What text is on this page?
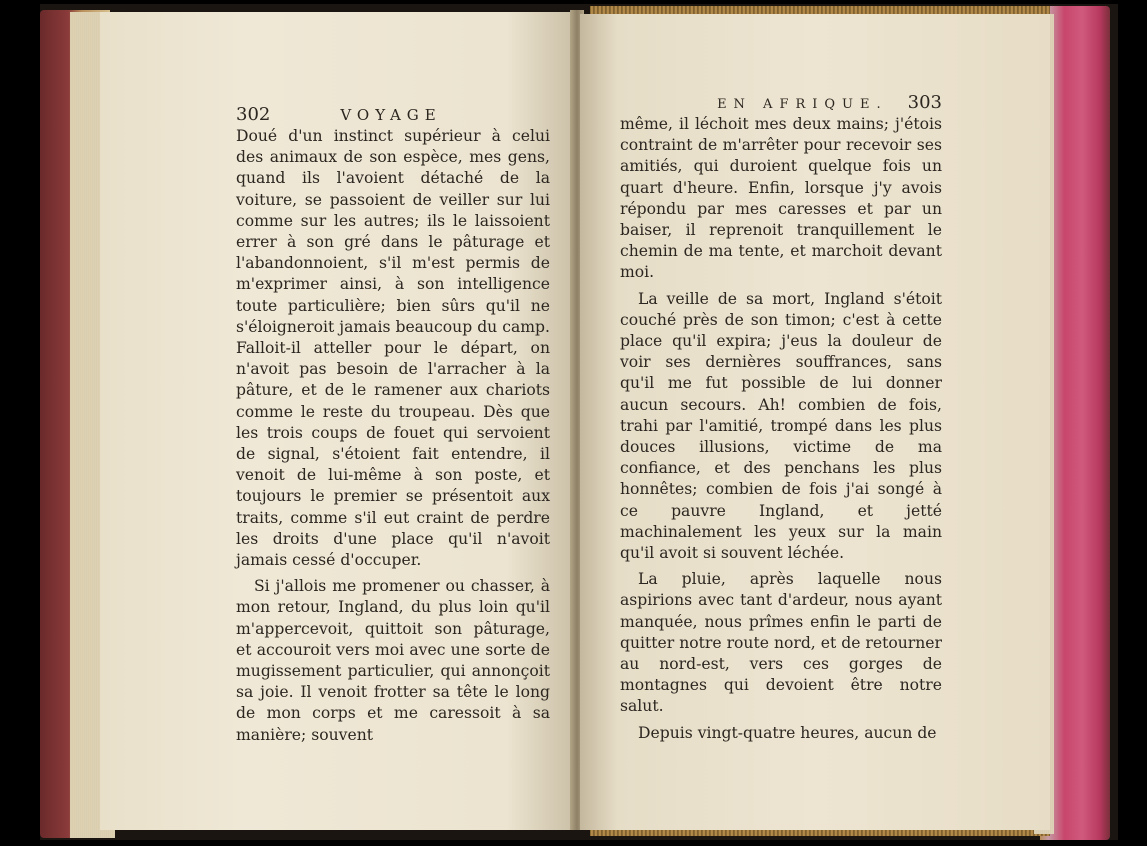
302	VOYAGE

Doué d'un instinct supérieur à celui des animaux de son espèce, mes gens, quand ils l'avoient détaché de la voiture, se passoient de veiller sur lui comme sur les autres; ils le laissoient errer à son gré dans le pâturage et l'abandonnoient, s'il m'est permis de m'exprimer ainsi, à son intelligence toute particulière; bien sûrs qu'il ne s'éloigneroit jamais beaucoup du camp. Falloit-il atteller pour le départ, on n'avoit pas besoin de l'arracher à la pâture, et de le ramener aux chariots comme le reste du troupeau. Dès que les trois coups de fouet qui servoient de signal, s'étoient fait entendre, il venoit de lui-même à son poste, et toujours le premier se présentoit aux traits, comme s'il eut craint de perdre les droits d'une place qu'il n'avoit jamais cessé d'occuper.

Si j'allois me promener ou chasser, à mon retour, Ingland, du plus loin qu'il m'appercevoit, quittoit son pâturage, et accouroit vers moi avec une sorte de mugissement particulier, qui annonçoit sa joie. Il venoit frotter sa tête le long de mon corps et me caressoit à sa manière; souvent

EN AFRIQUE. 303

même, il léchoit mes deux mains; j'étois contraint de m'arrêter pour recevoir ses amitiés, qui duroient quelque fois un quart d'heure. Enfin, lorsque j'y avois répondu par mes caresses et par un baiser, il reprenoit tranquillement le chemin de ma tente, et marchoit devant moi.

La veille de sa mort, Ingland s'étoit couché près de son timon; c'est à cette place qu'il expira; j'eus la douleur de voir ses dernières souffrances, sans qu'il me fut possible de lui donner aucun secours. Ah! combien de fois, trahi par l'amitié, trompé dans les plus douces illusions, victime de ma confiance, et des penchans les plus honnêtes; combien de fois j'ai songé à ce pauvre Ingland, et jetté machinalement les yeux sur la main qu'il avoit si souvent léchée.

La pluie, après laquelle nous aspirions avec tant d'ardeur, nous ayant manquée, nous prîmes enfin le parti de quitter notre route nord, et de retourner au nord-est, vers ces gorges de montagnes qui devoient être notre salut.

Depuis vingt-quatre heures, aucun de
